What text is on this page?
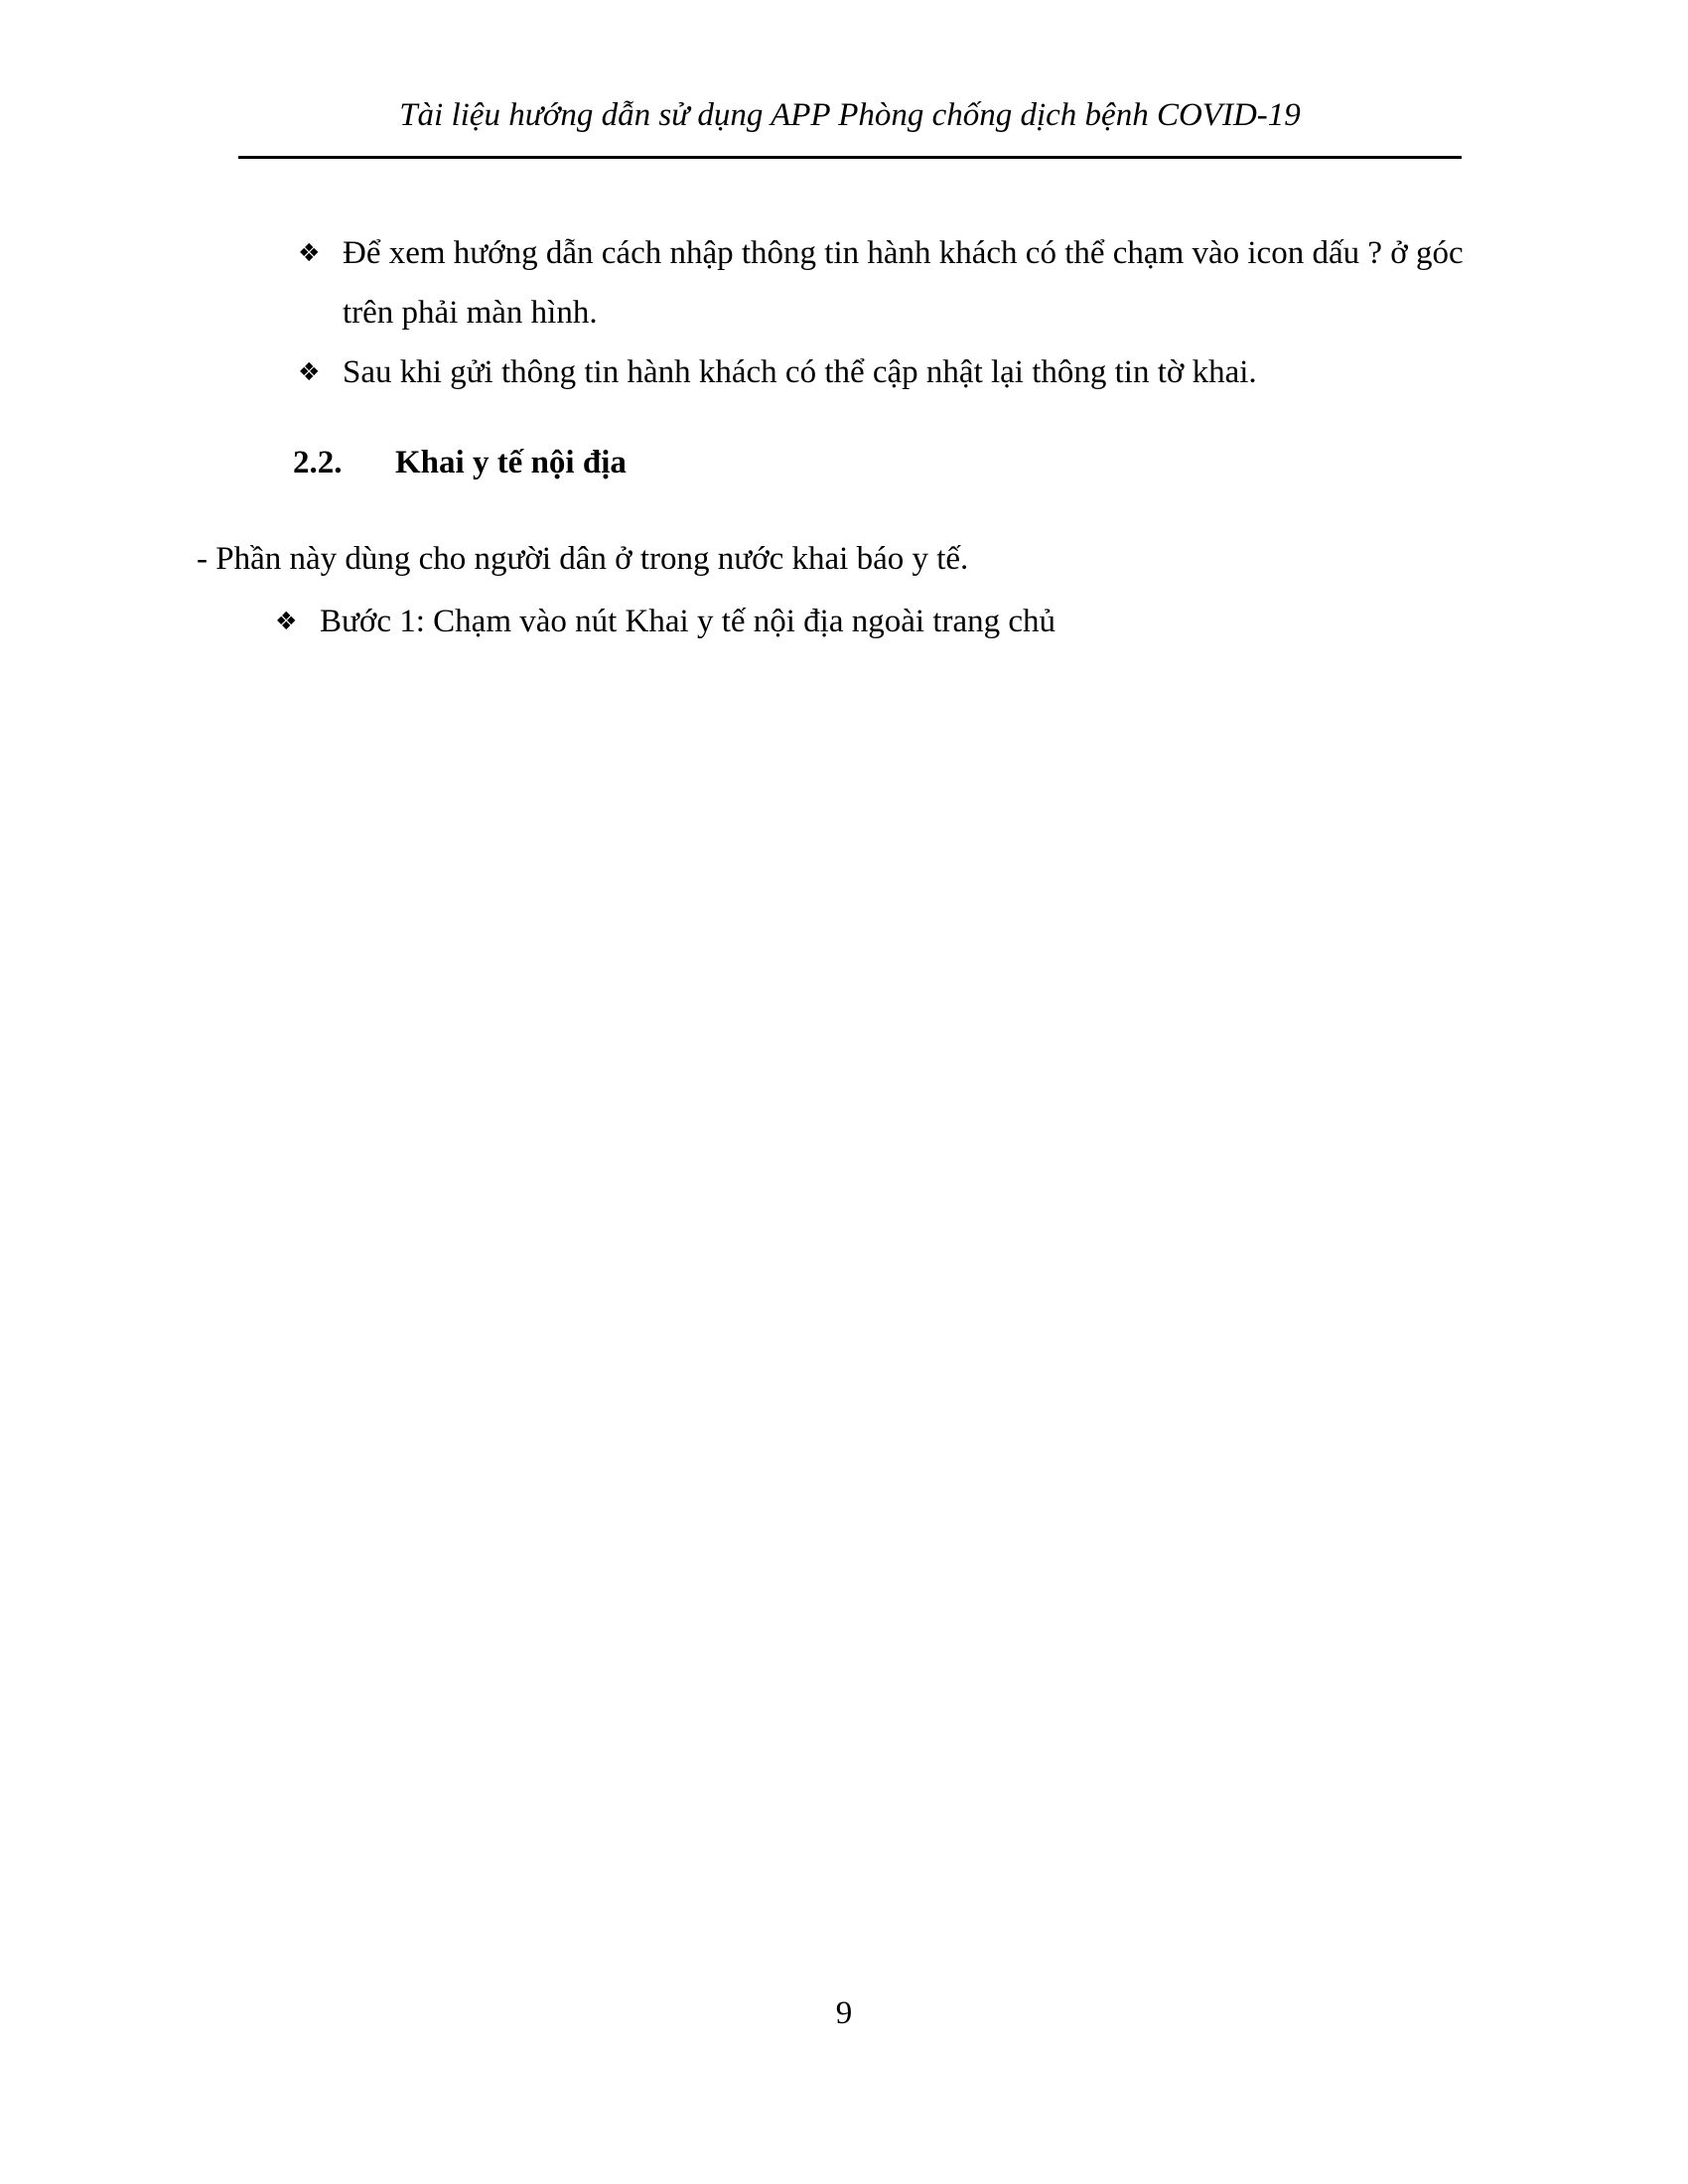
Tài liệu hướng dẫn sử dụng APP Phòng chống dịch bệnh COVID-19
❖ Để xem hướng dẫn cách nhập thông tin hành khách có thể chạm vào icon dấu ? ở góc trên phải màn hình.
❖ Sau khi gửi thông tin hành khách có thể cập nhật lại thông tin tờ khai.
2.2.	Khai y tế nội địa
- Phần này dùng cho người dân ở trong nước khai báo y tế.
❖ Bước 1: Chạm vào nút Khai y tế nội địa ngoài trang chủ
9
